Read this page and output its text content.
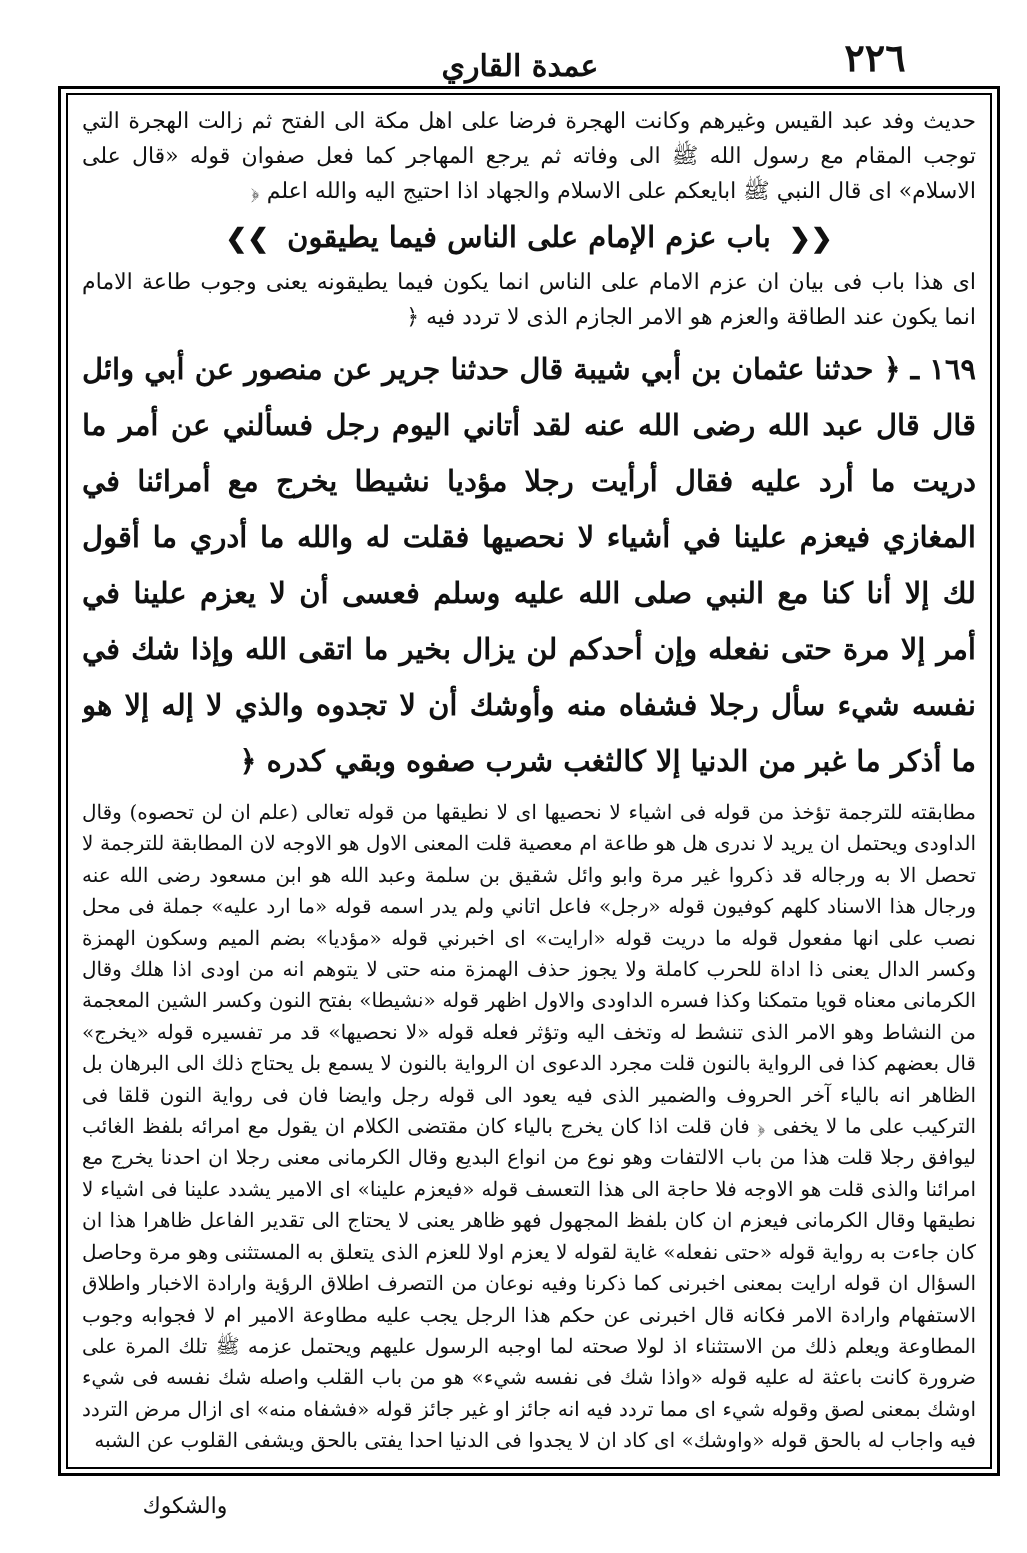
٢٢٦
عمدة القاري

حديث وفد عبد القيس وغيرهم وكانت الهجرة فرضا على اهل مكة الى الفتح ثم زالت الهجرة التي توجب المقام مع رسول الله ﷺ الى وفاته ثم يرجع المهاجر كما فعل صفوان قوله «قال على الاسلام» اى قال النبي ﷺ ابايعكم على الاسلام والجهاد اذا احتيج اليه والله اعلم ﴿

❮❮ باب عزم الإمام على الناس فيما يطيقون ❯❯

اى هذا باب فى بيان ان عزم الامام على الناس انما يكون فيما يطيقونه يعنى وجوب طاعة الامام انما يكون عند الطاقة والعزم هو الامر الجازم الذى لا تردد فيه ﴿

١٦٩ ـ﴿ حدثنا عثمان بن أبي شيبة قال حدثنا جرير عن منصور عن أبي وائل قال قال عبد الله رضى الله عنه لقد أتاني اليوم رجل فسألني عن أمر ما دريت ما أرد عليه فقال أرأيت رجلا مؤديا نشيطا يخرج مع أمرائنا في المغازي فيعزم علينا في أشياء لا نحصيها فقلت له والله ما أدري ما أقول لك إلا أنا كنا مع النبي صلى الله عليه وسلم فعسى أن لا يعزم علينا في أمر إلا مرة حتى نفعله وإن أحدكم لن يزال بخير ما اتقى الله وإذا شك في نفسه شيء سأل رجلا فشفاه منه وأوشك أن لا تجدوه والذي لا إله إلا هو ما أذكر ما غبر من الدنيا إلا كالثغب شرب صفوه وبقي كدره ﴿

مطابقته للترجمة تؤخذ من قوله فى اشياء لا نحصيها اى لا نطيقها من قوله تعالى (علم ان لن تحصوه) وقال الداودى ويحتمل ان يريد لا ندرى هل هو طاعة ام معصية قلت المعنى الاول هو الاوجه لان المطابقة للترجمة لا تحصل الا به ورجاله قد ذكروا غير مرة وابو وائل شقيق بن سلمة وعبد الله هو ابن مسعود رضى الله عنه ورجال هذا الاسناد كلهم كوفيون قوله «رجل» فاعل اتاني ولم يدر اسمه قوله «ما ارد عليه» جملة فى محل نصب على انها مفعول قوله ما دريت قوله «ارايت» اى اخبرني قوله «مؤديا» بضم الميم وسكون الهمزة وكسر الدال يعنى ذا اداة للحرب كاملة ولا يجوز حذف الهمزة منه حتى لا يتوهم انه من اودى اذا هلك وقال الكرمانى معناه قويا متمكنا وكذا فسره الداودى والاول اظهر قوله «نشيطا» بفتح النون وكسر الشين المعجمة من النشاط وهو الامر الذى تنشط له وتخف اليه وتؤثر فعله قوله «لا نحصيها» قد مر تفسيره قوله «يخرج» قال بعضهم كذا فى الرواية بالنون قلت مجرد الدعوى ان الرواية بالنون لا يسمع بل يحتاج ذلك الى البرهان بل الظاهر انه بالياء آخر الحروف والضمير الذى فيه يعود الى قوله رجل وايضا فان فى رواية النون قلقا فى التركيب على ما لا يخفى ﴿ فان قلت اذا كان يخرج بالياء كان مقتضى الكلام ان يقول مع امرائه بلفظ الغائب ليوافق رجلا قلت هذا من باب الالتفات وهو نوع من انواع البديع وقال الكرمانى معنى رجلا ان احدنا يخرج مع امرائنا والذى قلت هو الاوجه فلا حاجة الى هذا التعسف قوله «فيعزم علينا» اى الامير يشدد علينا فى اشياء لا نطيقها وقال الكرمانى فيعزم ان كان بلفظ المجهول فهو ظاهر يعنى لا يحتاج الى تقدير الفاعل ظاهرا هذا ان كان جاءت به رواية قوله «حتى نفعله» غاية لقوله لا يعزم اولا للعزم الذى يتعلق به المستثنى وهو مرة وحاصل السؤال ان قوله ارايت بمعنى اخبرنى كما ذكرنا وفيه نوعان من التصرف اطلاق الرؤية وارادة الاخبار واطلاق الاستفهام وارادة الامر فكانه قال اخبرنى عن حكم هذا الرجل يجب عليه مطاوعة الامير ام لا فجوابه وجوب المطاوعة ويعلم ذلك من الاستثناء اذ لولا صحته لما اوجبه الرسول عليهم ويحتمل عزمه ﷺ تلك المرة على ضرورة كانت باعثة له عليه قوله «واذا شك فى نفسه شيء» هو من باب القلب واصله شك نفسه فى شيء اوشك بمعنى لصق وقوله شيء اى مما تردد فيه انه جائز او غير جائز قوله «فشفاه منه» اى ازال مرض التردد فيه واجاب له بالحق قوله «واوشك» اى كاد ان لا يجدوا فى الدنيا احدا يفتى بالحق ويشفى القلوب عن الشبه

والشكوك
